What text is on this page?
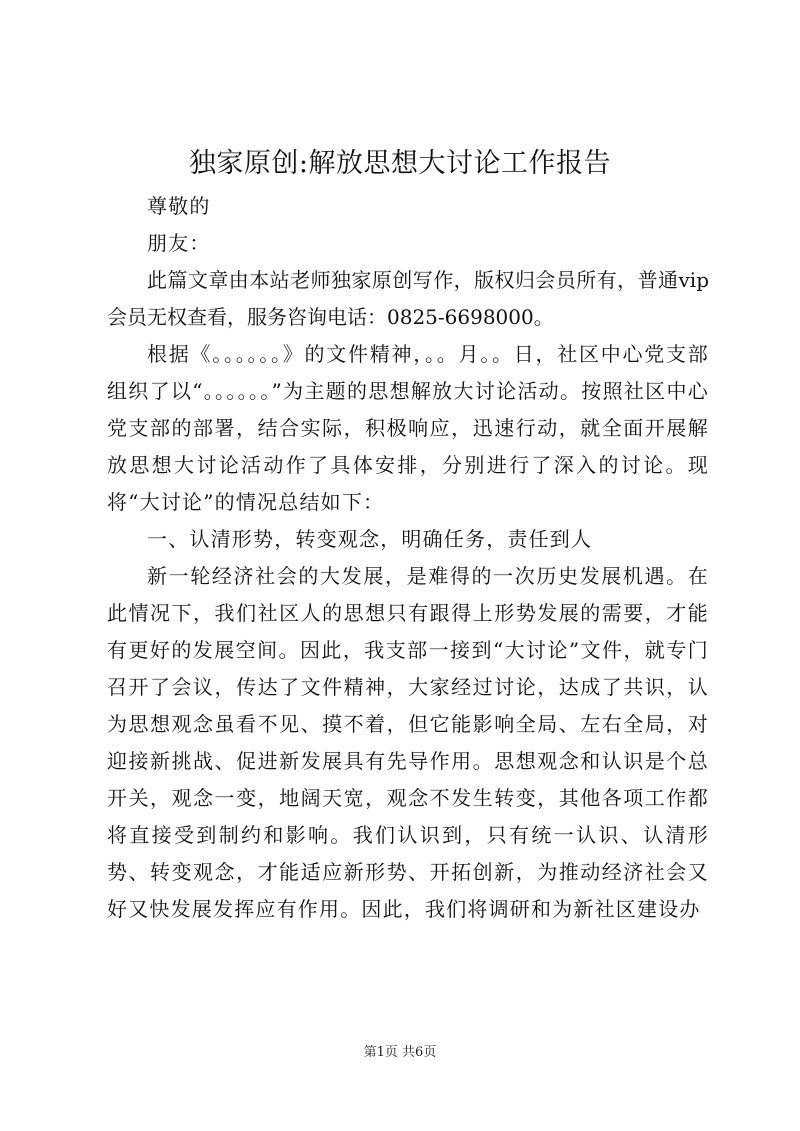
独家原创:解放思想大讨论工作报告

尊敬的

朋友：

此篇文章由本站老师独家原创写作，版权归会员所有，普通vip会员无权查看，服务咨询电话：0825-6698000。

根据《。。。。。。》的文件精神，。。月。。日，社区中心党支部组织了以“。。。。。。”为主题的思想解放大讨论活动。按照社区中心党支部的部署，结合实际，积极响应，迅速行动，就全面开展解放思想大讨论活动作了具体安排，分别进行了深入的讨论。现将“大讨论”的情况总结如下：

一、认清形势，转变观念，明确任务，责任到人

新一轮经济社会的大发展，是难得的一次历史发展机遇。在此情况下，我们社区人的思想只有跟得上形势发展的需要，才能有更好的发展空间。因此，我支部一接到“大讨论”文件，就专门召开了会议，传达了文件精神，大家经过讨论，达成了共识，认为思想观念虽看不见、摸不着，但它能影响全局、左右全局，对迎接新挑战、促进新发展具有先导作用。思想观念和认识是个总开关，观念一变，地阔天宽，观念不发生转变，其他各项工作都将直接受到制约和影响。我们认识到，只有统一认识、认清形势、转变观念，才能适应新形势、开拓创新，为推动经济社会又好又快发展发挥应有作用。因此，我们将调研和为新社区建设办

第1页 共6页
